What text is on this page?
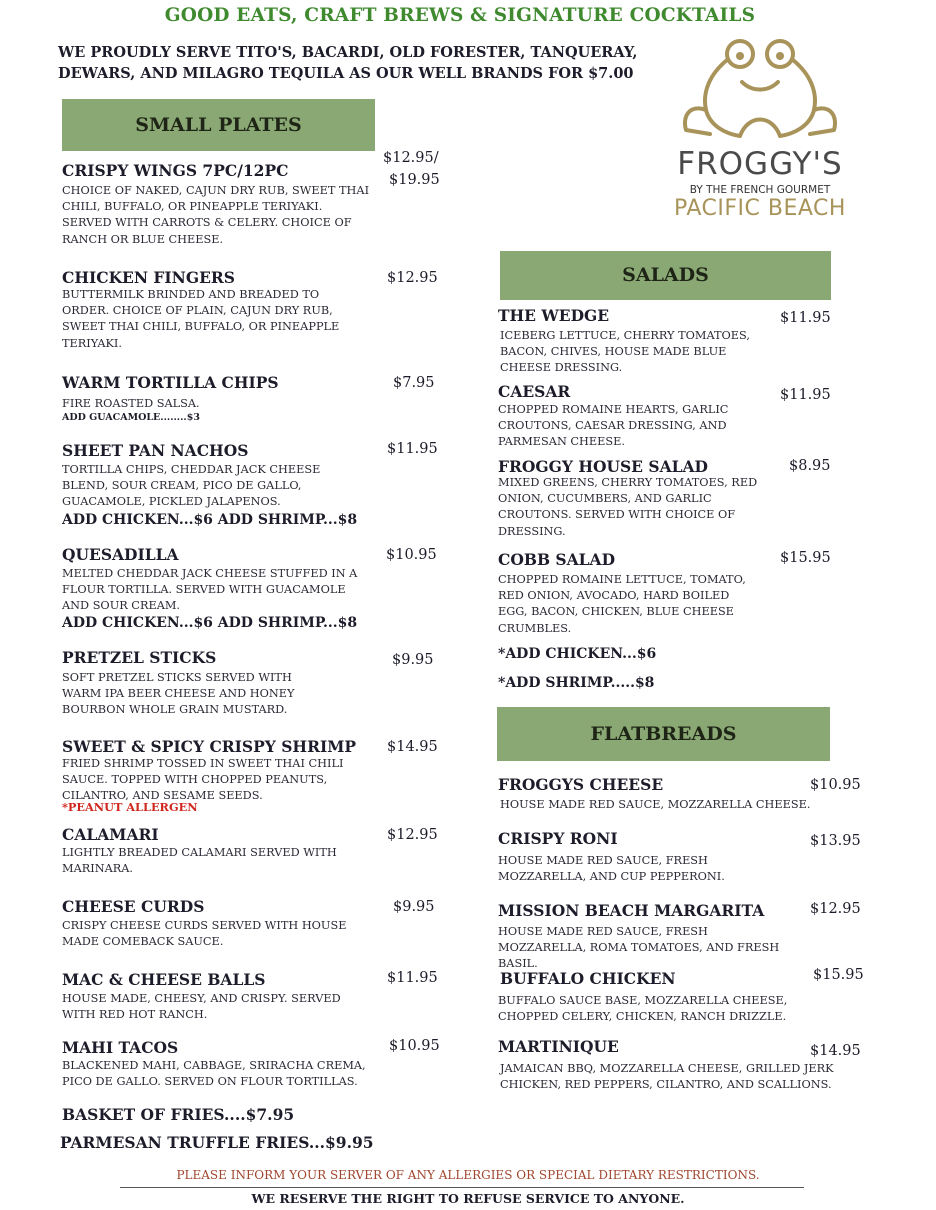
GOOD EATS, CRAFT BREWS & SIGNATURE COCKTAILS
WE PROUDLY SERVE TITO'S, BACARDI, OLD FORESTER, TANQUERAY,
DEWARS, AND MILAGRO TEQUILA AS OUR WELL BRANDS FOR $7.00
FROGGY'S
BY THE FRENCH GOURMET
PACIFIC BEACH
SMALL PLATES
CRISPY WINGS 7PC/12PC
$12.95/
$19.95
CHOICE OF NAKED, CAJUN DRY RUB, SWEET THAI CHILI, BUFFALO, OR PINEAPPLE TERIYAKI. SERVED WITH CARROTS & CELERY. CHOICE OF RANCH OR BLUE CHEESE.
CHICKEN FINGERS	$12.95
BUTTERMILK BRINDED AND BREADED TO ORDER. CHOICE OF PLAIN, CAJUN DRY RUB, SWEET THAI CHILI, BUFFALO, OR PINEAPPLE TERIYAKI.
WARM TORTILLA CHIPS	$7.95
FIRE ROASTED SALSA.
ADD GUACAMOLE........$3
SHEET PAN NACHOS	$11.95
TORTILLA CHIPS, CHEDDAR JACK CHEESE BLEND, SOUR CREAM, PICO DE GALLO, GUACAMOLE, PICKLED JALAPENOS.
ADD CHICKEN...$6 ADD SHRIMP...$8
QUESADILLA	$10.95
MELTED CHEDDAR JACK CHEESE STUFFED IN A FLOUR TORTILLA. SERVED WITH GUACAMOLE AND SOUR CREAM.
ADD CHICKEN...$6 ADD SHRIMP...$8
PRETZEL STICKS	$9.95
SOFT PRETZEL STICKS SERVED WITH WARM IPA BEER CHEESE AND HONEY BOURBON WHOLE GRAIN MUSTARD.
SWEET & SPICY CRISPY SHRIMP $14.95
FRIED SHRIMP TOSSED IN SWEET THAI CHILI SAUCE. TOPPED WITH CHOPPED PEANUTS, CILANTRO, AND SESAME SEEDS.
*PEANUT ALLERGEN
CALAMARI	$12.95
LIGHTLY BREADED CALAMARI SERVED WITH MARINARA.
CHEESE CURDS	$9.95
CRISPY CHEESE CURDS SERVED WITH HOUSE MADE COMEBACK SAUCE.
MAC & CHEESE BALLS	$11.95
HOUSE MADE, CHEESY, AND CRISPY. SERVED WITH RED HOT RANCH.
MAHI TACOS	$10.95
BLACKENED MAHI, CABBAGE, SRIRACHA CREMA, PICO DE GALLO. SERVED ON FLOUR TORTILLAS.
BASKET OF FRIES....$7.95
PARMESAN TRUFFLE FRIES...$9.95
SALADS
THE WEDGE	$11.95
ICEBERG LETTUCE, CHERRY TOMATOES, BACON, CHIVES, HOUSE MADE BLUE CHEESE DRESSING.
CAESAR	$11.95
CHOPPED ROMAINE HEARTS, GARLIC CROUTONS, CAESAR DRESSING, AND PARMESAN CHEESE.
FROGGY HOUSE SALAD	$8.95
MIXED GREENS, CHERRY TOMATOES, RED ONION, CUCUMBERS, AND GARLIC CROUTONS. SERVED WITH CHOICE OF DRESSING.
COBB SALAD	$15.95
CHOPPED ROMAINE LETTUCE, TOMATO, RED ONION, AVOCADO, HARD BOILED EGG, BACON, CHICKEN, BLUE CHEESE CRUMBLES.
*ADD CHICKEN...$6
*ADD SHRIMP.....$8
FLATBREADS
FROGGYS CHEESE	$10.95
HOUSE MADE RED SAUCE, MOZZARELLA CHEESE.
CRISPY RONI	$13.95
HOUSE MADE RED SAUCE, FRESH MOZZARELLA, AND CUP PEPPERONI.
MISSION BEACH MARGARITA	$12.95
HOUSE MADE RED SAUCE, FRESH MOZZARELLA, ROMA TOMATOES, AND FRESH BASIL.
BUFFALO CHICKEN	$15.95
BUFFALO SAUCE BASE, MOZZARELLA CHEESE, CHOPPED CELERY, CHICKEN, RANCH DRIZZLE.
MARTINIQUE	$14.95
JAMAICAN BBQ, MOZZARELLA CHEESE, GRILLED JERK CHICKEN, RED PEPPERS, CILANTRO, AND SCALLIONS.
PLEASE INFORM YOUR SERVER OF ANY ALLERGIES OR SPECIAL DIETARY RESTRICTIONS.
WE RESERVE THE RIGHT TO REFUSE SERVICE TO ANYONE.
